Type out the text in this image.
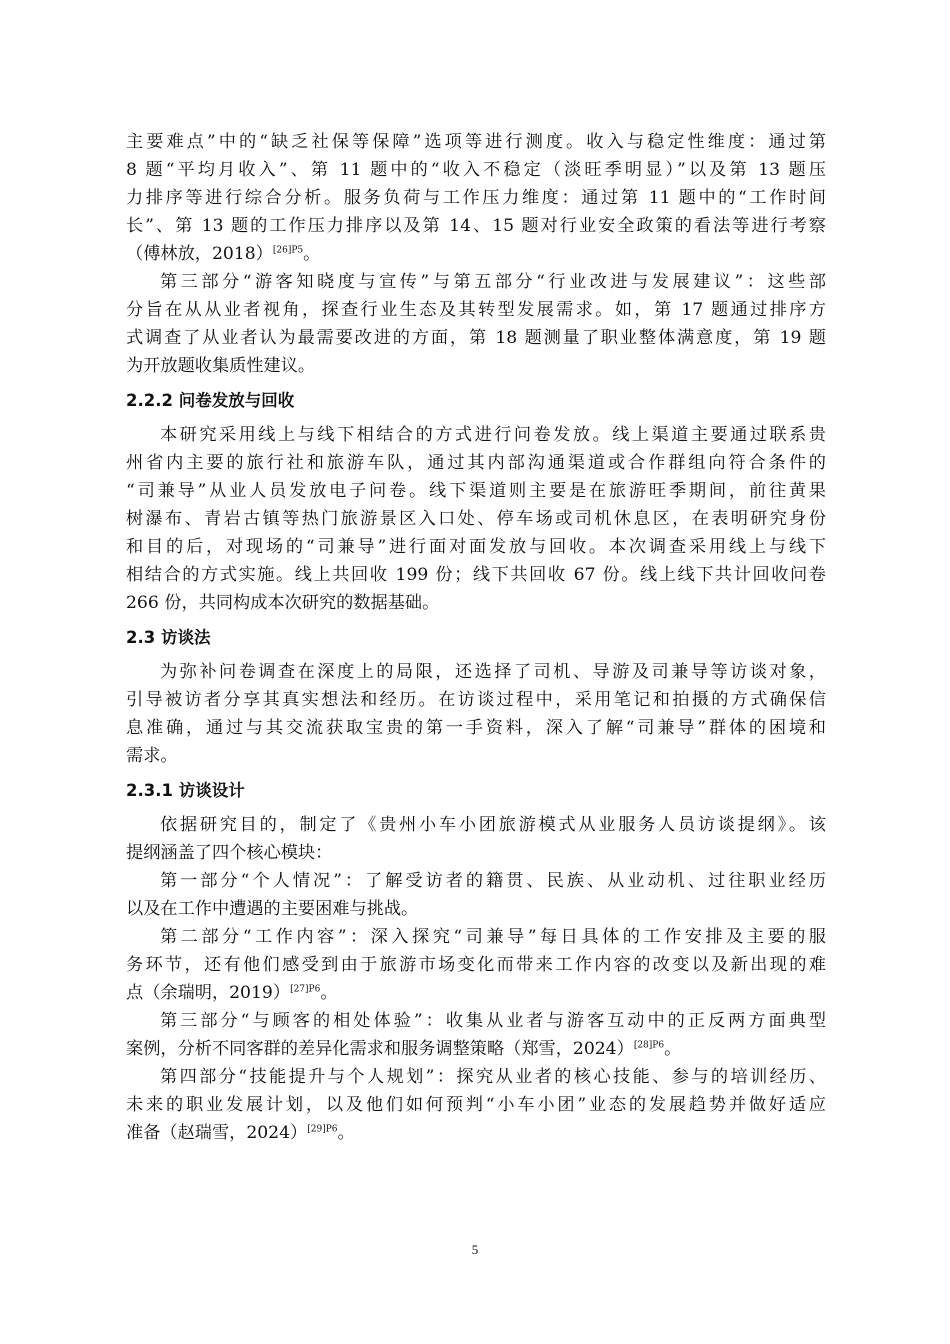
主要难点”中的“缺乏社保等保障”选项等进行测度。收入与稳定性维度：通过第
8 题“平均月收入”、第 11 题中的“收入不稳定（淡旺季明显）”以及第 13 题压
力排序等进行综合分析。服务负荷与工作压力维度：通过第 11 题中的“工作时间
长”、第 13 题的工作压力排序以及第 14、15 题对行业安全政策的看法等进行考察
（傅林放，2018）$^{[26]P5}$。
第三部分“游客知晓度与宣传”与第五部分“行业改进与发展建议”：这些部
分旨在从从业者视角，探查行业生态及其转型发展需求。如，第 17 题通过排序方
式调查了从业者认为最需要改进的方面，第 18 题测量了职业整体满意度，第 19 题
为开放题收集质性建议。
2.2.2 问卷发放与回收
本研究采用线上与线下相结合的方式进行问卷发放。线上渠道主要通过联系贵
州省内主要的旅行社和旅游车队，通过其内部沟通渠道或合作群组向符合条件的
“司兼导”从业人员发放电子问卷。线下渠道则主要是在旅游旺季期间，前往黄果
树瀑布、青岩古镇等热门旅游景区入口处、停车场或司机休息区，在表明研究身份
和目的后，对现场的“司兼导”进行面对面发放与回收。本次调查采用线上与线下
相结合的方式实施。线上共回收 199 份；线下共回收 67 份。线上线下共计回收问卷
266 份，共同构成本次研究的数据基础。
2.3 访谈法
为弥补问卷调查在深度上的局限，还选择了司机、导游及司兼导等访谈对象，
引导被访者分享其真实想法和经历。在访谈过程中，采用笔记和拍摄的方式确保信
息准确，通过与其交流获取宝贵的第一手资料，深入了解“司兼导”群体的困境和
需求。
2.3.1 访谈设计
依据研究目的，制定了《贵州小车小团旅游模式从业服务人员访谈提纲》。该
提纲涵盖了四个核心模块：
第一部分“个人情况”：了解受访者的籍贯、民族、从业动机、过往职业经历
以及在工作中遭遇的主要困难与挑战。
第二部分“工作内容”：深入探究“司兼导”每日具体的工作安排及主要的服
务环节，还有他们感受到由于旅游市场变化而带来工作内容的改变以及新出现的难
点（余瑞明，2019）$^{[27]P6}$。
第三部分“与顾客的相处体验”：收集从业者与游客互动中的正反两方面典型
案例，分析不同客群的差异化需求和服务调整策略（郑雪，2024）$^{[28]P6}$。
第四部分“技能提升与个人规划”：探究从业者的核心技能、参与的培训经历、
未来的职业发展计划，以及他们如何预判“小车小团”业态的发展趋势并做好适应
准备（赵瑞雪，2024）$^{[29]P6}$。
5
